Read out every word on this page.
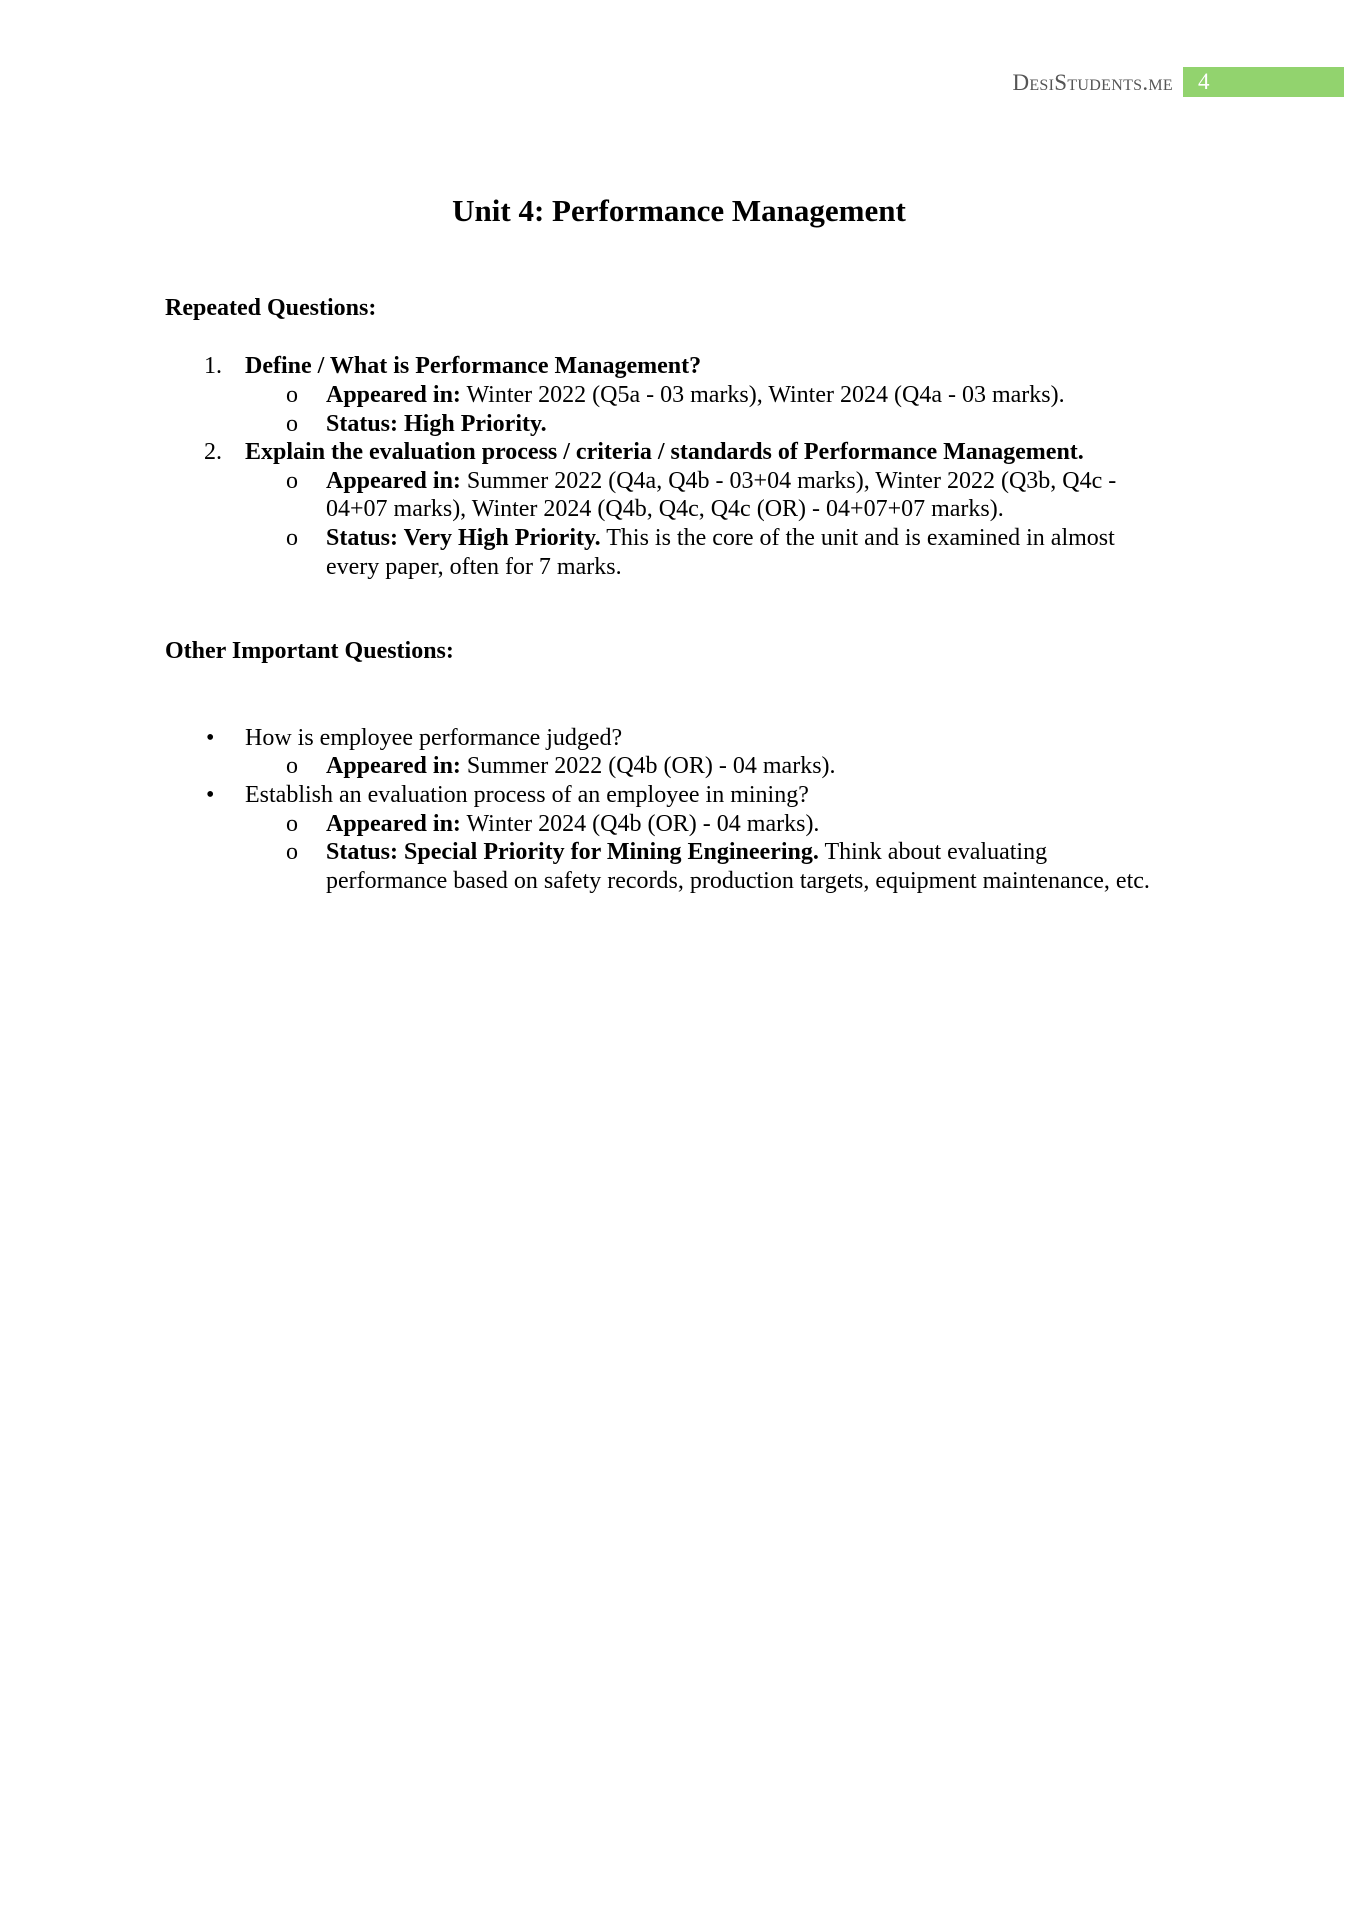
DesiStudents.me	4
Unit 4: Performance Management
Repeated Questions:
1. Define / What is Performance Management?
o Appeared in: Winter 2022 (Q5a - 03 marks), Winter 2024 (Q4a - 03 marks).
o Status: High Priority.
2. Explain the evaluation process / criteria / standards of Performance Management.
o Appeared in: Summer 2022 (Q4a, Q4b - 03+04 marks), Winter 2022 (Q3b, Q4c -
04+07 marks), Winter 2024 (Q4b, Q4c, Q4c (OR) - 04+07+07 marks).
o Status: Very High Priority. This is the core of the unit and is examined in almost
every paper, often for 7 marks.
Other Important Questions:
• How is employee performance judged?
o Appeared in: Summer 2022 (Q4b (OR) - 04 marks).
• Establish an evaluation process of an employee in mining?
o Appeared in: Winter 2024 (Q4b (OR) - 04 marks).
o Status: Special Priority for Mining Engineering. Think about evaluating
performance based on safety records, production targets, equipment maintenance, etc.
